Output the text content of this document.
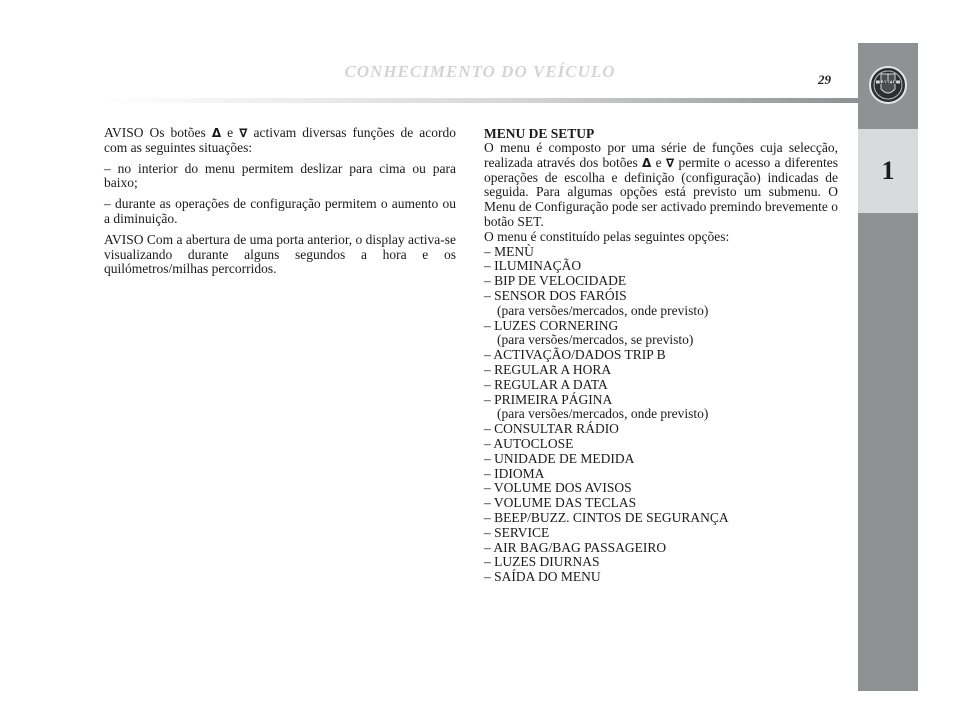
CONHECIMENTO DO VEÍCULO	29	LANCIA
1

AVISO Os botões Δ e ∇ activam diversas funções de acordo com as seguintes situações:

– no interior do menu permitem deslizar para cima ou para baixo;

– durante as operações de configuração permitem o aumento ou a diminuição.

AVISO Com a abertura de uma porta anterior, o display activa-se visualizando durante alguns segundos a hora e os quilómetros/milhas percorridos.

MENU DE SETUP
O menu é composto por uma série de funções cuja selecção, realizada através dos botões Δ e ∇ permite o acesso a diferentes operações de escolha e definição (configuração) indicadas de seguida. Para algumas opções está previsto um submenu. O Menu de Configuração pode ser activado premindo brevemente o botão SET.
O menu é constituído pelas seguintes opções:
– MENÙ
– ILUMINAÇÃO
– BIP DE VELOCIDADE
– SENSOR DOS FARÓIS
(para versões/mercados, onde previsto)
– LUZES CORNERING
(para versões/mercados, se previsto)
– ACTIVAÇÃO/DADOS TRIP B
– REGULAR A HORA
– REGULAR A DATA
– PRIMEIRA PÁGINA
(para versões/mercados, onde previsto)
– CONSULTAR RÁDIO
– AUTOCLOSE
– UNIDADE DE MEDIDA
– IDIOMA
– VOLUME DOS AVISOS
– VOLUME DAS TECLAS
– BEEP/BUZZ. CINTOS DE SEGURANÇA
– SERVICE
– AIR BAG/BAG PASSAGEIRO
– LUZES DIURNAS
– SAÍDA DO MENU
